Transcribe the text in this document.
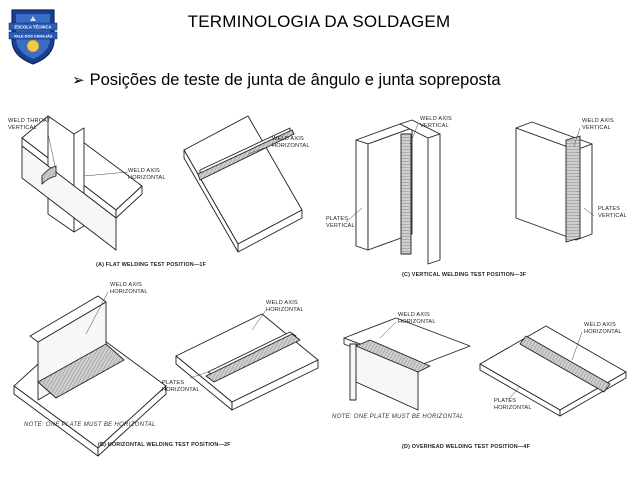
ESCOLA TÉCNICA
VALE DOS CARAJÁS
TERMINOLOGIA DA SOLDAGEM
➢ Posições de teste de junta de ângulo e junta sopreposta
WELD THROAT
VERTICAL
WELD AXIS
HORIZONTAL
WELD AXIS
HORIZONTAL
(A) FLAT WELDING TEST POSITION—1F
WELD AXIS
VERTICAL
PLATES
VERTICAL
WELD AXIS
VERTICAL
PLATES
VERTICAL
(C) VERTICAL WELDING TEST POSITION—3F
WELD AXIS
HORIZONTAL
WELD AXIS
HORIZONTAL
PLATES
HORIZONTAL
NOTE: ONE PLATE MUST BE HORIZONTAL
(B) HORIZONTAL WELDING TEST POSITION—2F
WELD AXIS
HORIZONTAL	WELD AXIS
HORIZONTAL
PLATES
HORIZONTAL
NOTE: ONE PLATE MUST BE HORIZONTAL
(D) OVERHEAD WELDING TEST POSITION—4F
